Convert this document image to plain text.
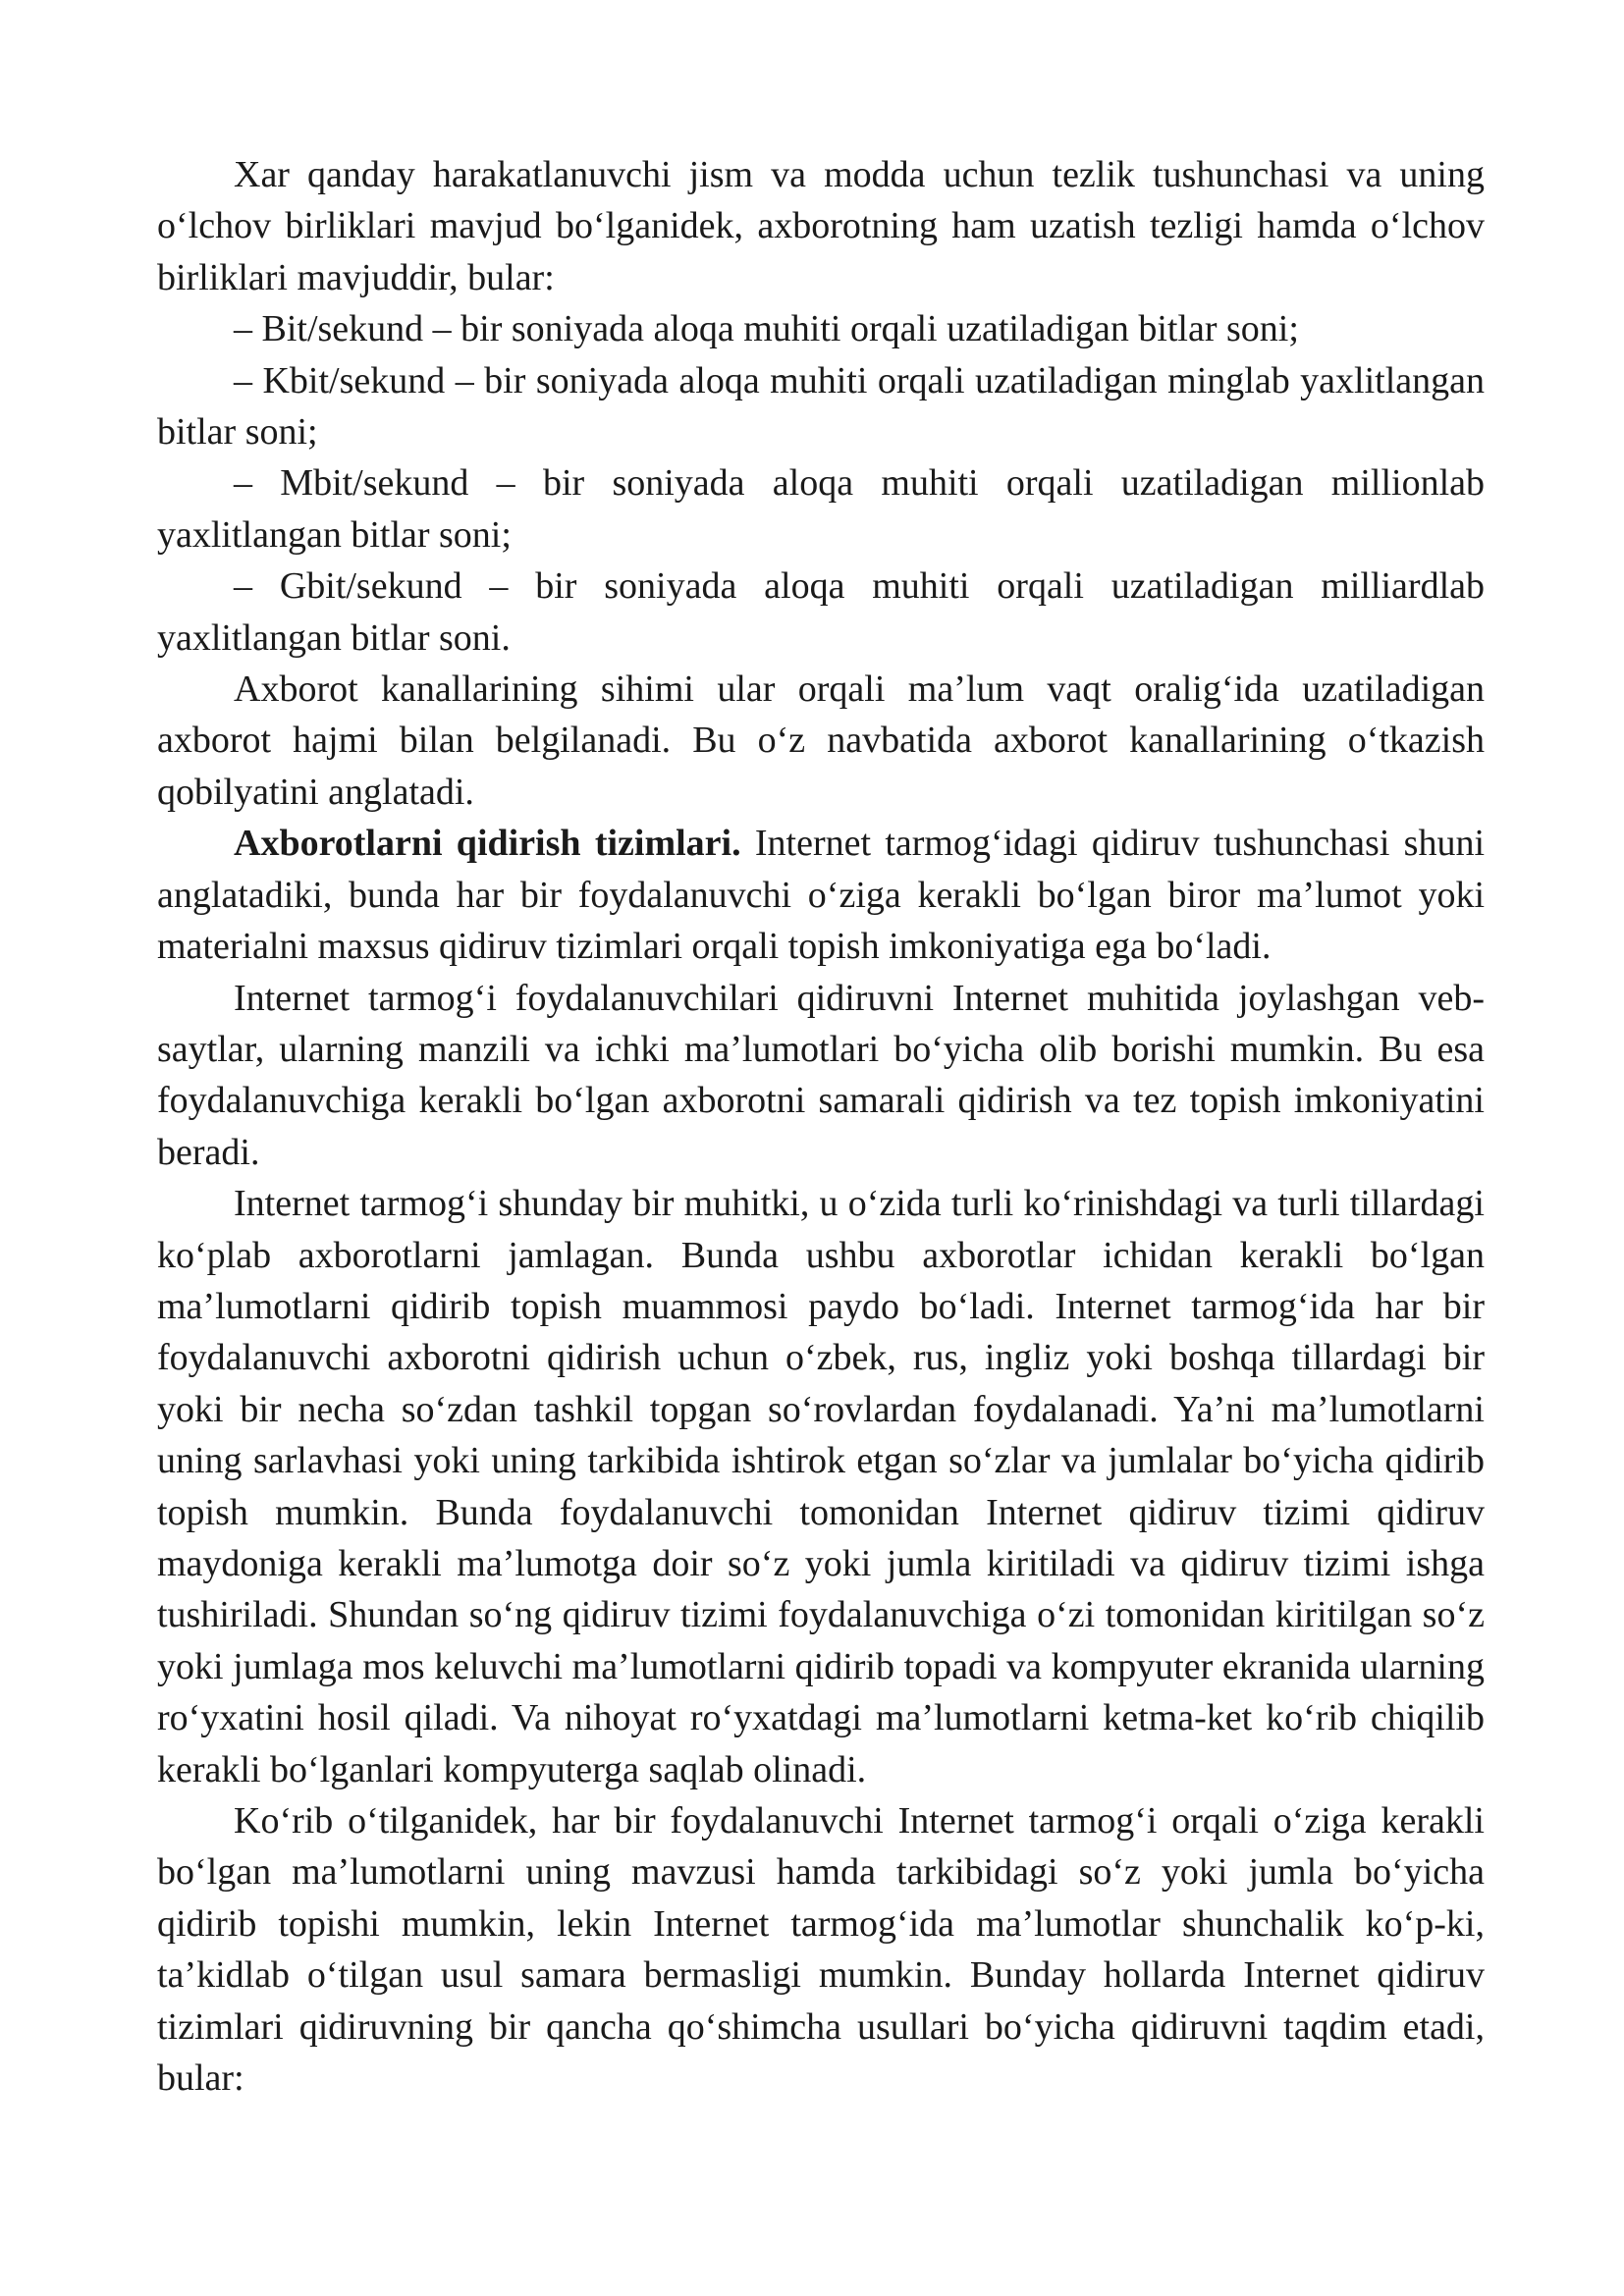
Xar qanday harakatlanuvchi jism va modda uchun tezlik tushunchasi va uning o‘lchov birliklari mavjud bo‘lganidek, axborotning ham uzatish tezligi hamda o‘lchov birliklari mavjuddir, bular:

– Bit/sekund – bir soniyada aloqa muhiti orqali uzatiladigan bitlar soni;

– Kbit/sekund – bir soniyada aloqa muhiti orqali uzatiladigan minglab yaxlitlangan bitlar soni;

– Mbit/sekund – bir soniyada aloqa muhiti orqali uzatiladigan millionlab yaxlitlangan bitlar soni;

– Gbit/sekund – bir soniyada aloqa muhiti orqali uzatiladigan milliardlab yaxlitlangan bitlar soni.

Axborot kanallarining sihimi ular orqali ma’lum vaqt oralig‘ida uzatiladigan axborot hajmi bilan belgilanadi. Bu o‘z navbatida axborot kanallarining o‘tkazish qobilyatini anglatadi.

Axborotlarni qidirish tizimlari. Internet tarmog‘idagi qidiruv tushunchasi shuni anglatadiki, bunda har bir foydalanuvchi o‘ziga kerakli bo‘lgan biror ma’lumot yoki materialni maxsus qidiruv tizimlari orqali topish imkoniyatiga ega bo‘ladi.

Internet tarmog‘i foydalanuvchilari qidiruvni Internet muhitida joylashgan veb-saytlar, ularning manzili va ichki ma’lumotlari bo‘yicha olib borishi mumkin. Bu esa foydalanuvchiga kerakli bo‘lgan axborotni samarali qidirish va tez topish imkoniyatini beradi.

Internet tarmog‘i shunday bir muhitki, u o‘zida turli ko‘rinishdagi va turli tillardagi ko‘plab axborotlarni jamlagan. Bunda ushbu axborotlar ichidan kerakli bo‘lgan ma’lumotlarni qidirib topish muammosi paydo bo‘ladi. Internet tarmog‘ida har bir foydalanuvchi axborotni qidirish uchun o‘zbek, rus, ingliz yoki boshqa tillardagi bir yoki bir necha so‘zdan tashkil topgan so‘rovlardan foydalanadi. Ya’ni ma’lumotlarni uning sarlavhasi yoki uning tarkibida ishtirok etgan so‘zlar va jumlalar bo‘yicha qidirib topish mumkin. Bunda foydalanuvchi tomonidan Internet qidiruv tizimi qidiruv maydoniga kerakli ma’lumotga doir so‘z yoki jumla kiritiladi va qidiruv tizimi ishga tushiriladi. Shundan so‘ng qidiruv tizimi foydalanuvchiga o‘zi tomonidan kiritilgan so‘z yoki jumlaga mos keluvchi ma’lumotlarni qidirib topadi va kompyuter ekranida ularning ro‘yxatini hosil qiladi. Va nihoyat ro‘yxatdagi ma’lumotlarni ketma-ket ko‘rib chiqilib kerakli bo‘lganlari kompyuterga saqlab olinadi.

Ko‘rib o‘tilganidek, har bir foydalanuvchi Internet tarmog‘i orqali o‘ziga kerakli bo‘lgan ma’lumotlarni uning mavzusi hamda tarkibidagi so‘z yoki jumla bo‘yicha qidirib topishi mumkin, lekin Internet tarmog‘ida ma’lumotlar shunchalik ko‘p-ki, ta’kidlab o‘tilgan usul samara bermasligi mumkin. Bunday hollarda Internet qidiruv tizimlari qidiruvning bir qancha qo‘shimcha usullari bo‘yicha qidiruvni taqdim etadi, bular:
